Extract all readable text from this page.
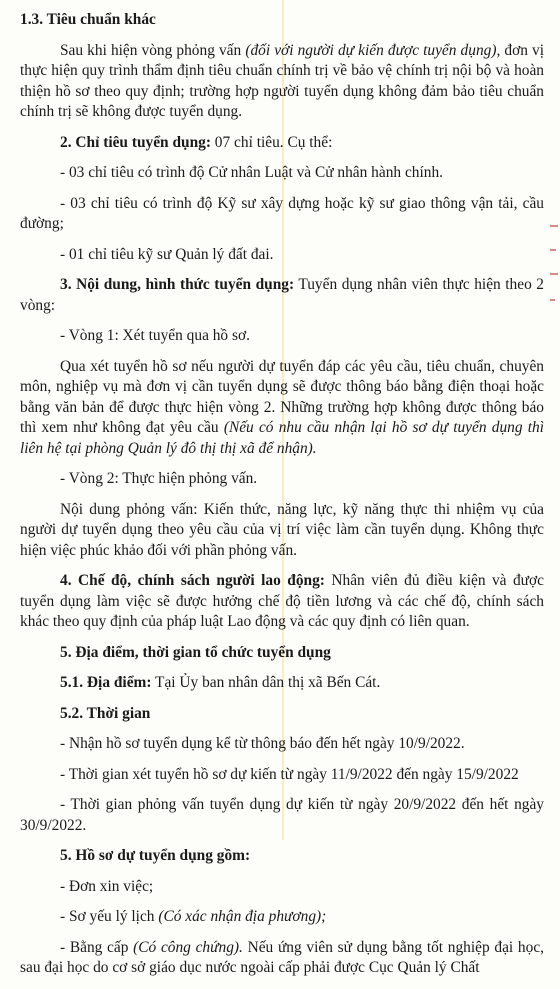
1.3. Tiêu chuẩn khác

Sau khi hiện vòng phỏng vấn (đối với người dự kiến được tuyển dụng), đơn vị thực hiện quy trình thẩm định tiêu chuẩn chính trị về bảo vệ chính trị nội bộ và hoàn thiện hồ sơ theo quy định; trường hợp người tuyển dụng không đảm bảo tiêu chuẩn chính trị sẽ không được tuyển dụng.

2. Chỉ tiêu tuyển dụng: 07 chỉ tiêu. Cụ thể:

- 03 chỉ tiêu có trình độ Cử nhân Luật và Cử nhân hành chính.

- 03 chỉ tiêu có trình độ Kỹ sư xây dựng hoặc kỹ sư giao thông vận tải, cầu đường;

- 01 chỉ tiêu kỹ sư Quản lý đất đai.

3. Nội dung, hình thức tuyển dụng: Tuyển dụng nhân viên thực hiện theo 2 vòng:

- Vòng 1: Xét tuyển qua hồ sơ.

Qua xét tuyển hồ sơ nếu người dự tuyển đáp các yêu cầu, tiêu chuẩn, chuyên môn, nghiệp vụ mà đơn vị cần tuyển dụng sẽ được thông báo bằng điện thoại hoặc bằng văn bản để được thực hiện vòng 2. Những trường hợp không được thông báo thì xem như không đạt yêu cầu (Nếu có nhu cầu nhận lại hồ sơ dự tuyển dụng thì liên hệ tại phòng Quản lý đô thị thị xã để nhận).

- Vòng 2: Thực hiện phỏng vấn.

Nội dung phỏng vấn: Kiến thức, năng lực, kỹ năng thực thi nhiệm vụ của người dự tuyển dụng theo yêu cầu của vị trí việc làm cần tuyển dụng. Không thực hiện việc phúc khảo đối với phần phỏng vấn.

4. Chế độ, chính sách người lao động: Nhân viên đủ điều kiện và được tuyển dụng làm việc sẽ được hưởng chế độ tiền lương và các chế độ, chính sách khác theo quy định của pháp luật Lao động và các quy định có liên quan.

5. Địa điểm, thời gian tổ chức tuyển dụng

5.1. Địa điểm: Tại Ủy ban nhân dân thị xã Bến Cát.

5.2. Thời gian

- Nhận hồ sơ tuyển dụng kể từ thông báo đến hết ngày 10/9/2022.

- Thời gian xét tuyển hồ sơ dự kiến từ ngày 11/9/2022 đến ngày 15/9/2022

- Thời gian phỏng vấn tuyển dụng dự kiến từ ngày 20/9/2022 đến hết ngày 30/9/2022.

5. Hồ sơ dự tuyển dụng gồm:

- Đơn xin việc;

- Sơ yếu lý lịch (Có xác nhận địa phương);

- Bằng cấp (Có công chứng). Nếu ứng viên sử dụng bằng tốt nghiệp đại học, sau đại học do cơ sở giáo dục nước ngoài cấp phải được Cục Quản lý Chất
